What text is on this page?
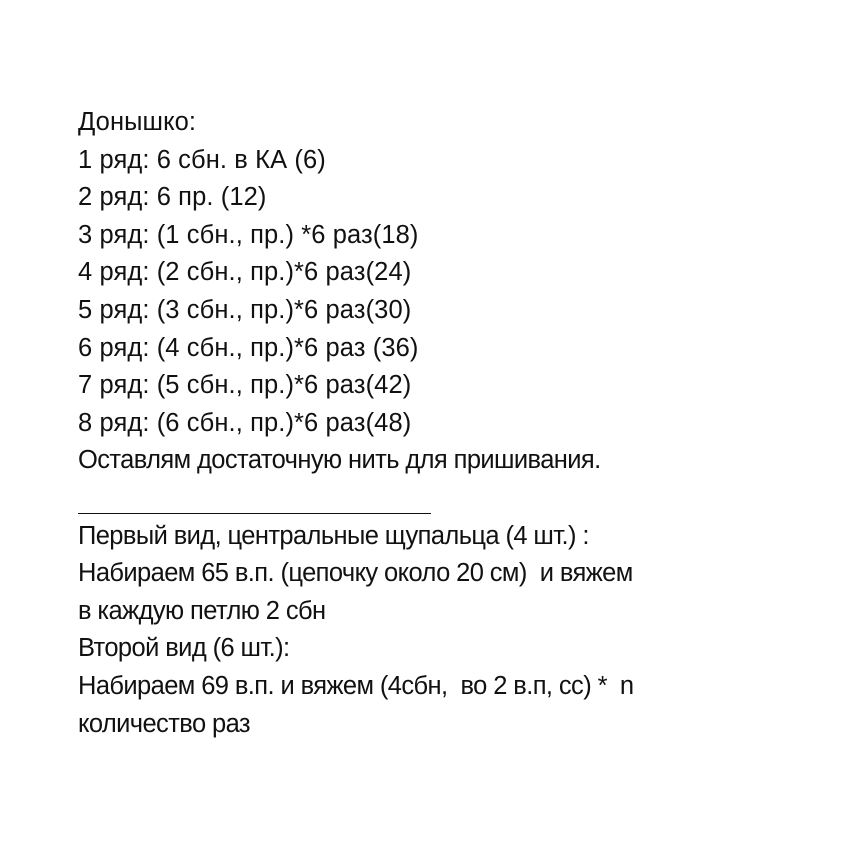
Донышко:
1 ряд: 6 сбн. в КА (6)
2 ряд: 6 пр. (12)
3 ряд: (1 сбн., пр.) *6 раз(18)
4 ряд: (2 сбн., пр.)*6 раз(24)
5 ряд: (3 сбн., пр.)*6 раз(30)
6 ряд: (4 сбн., пр.)*6 раз (36)
7 ряд: (5 сбн., пр.)*6 раз(42)
8 ряд: (6 сбн., пр.)*6 раз(48)
Оставлям достаточную нить для пришивания.
Первый вид, центральные щупальца (4 шт.) :
Набираем 65 в.п. (цепочку около 20 см)  и вяжем
в каждую петлю 2 сбн
Второй вид (6 шт.):
Набираем 69 в.п. и вяжем (4сбн,  во 2 в.п, сс) *  n
количество раз
